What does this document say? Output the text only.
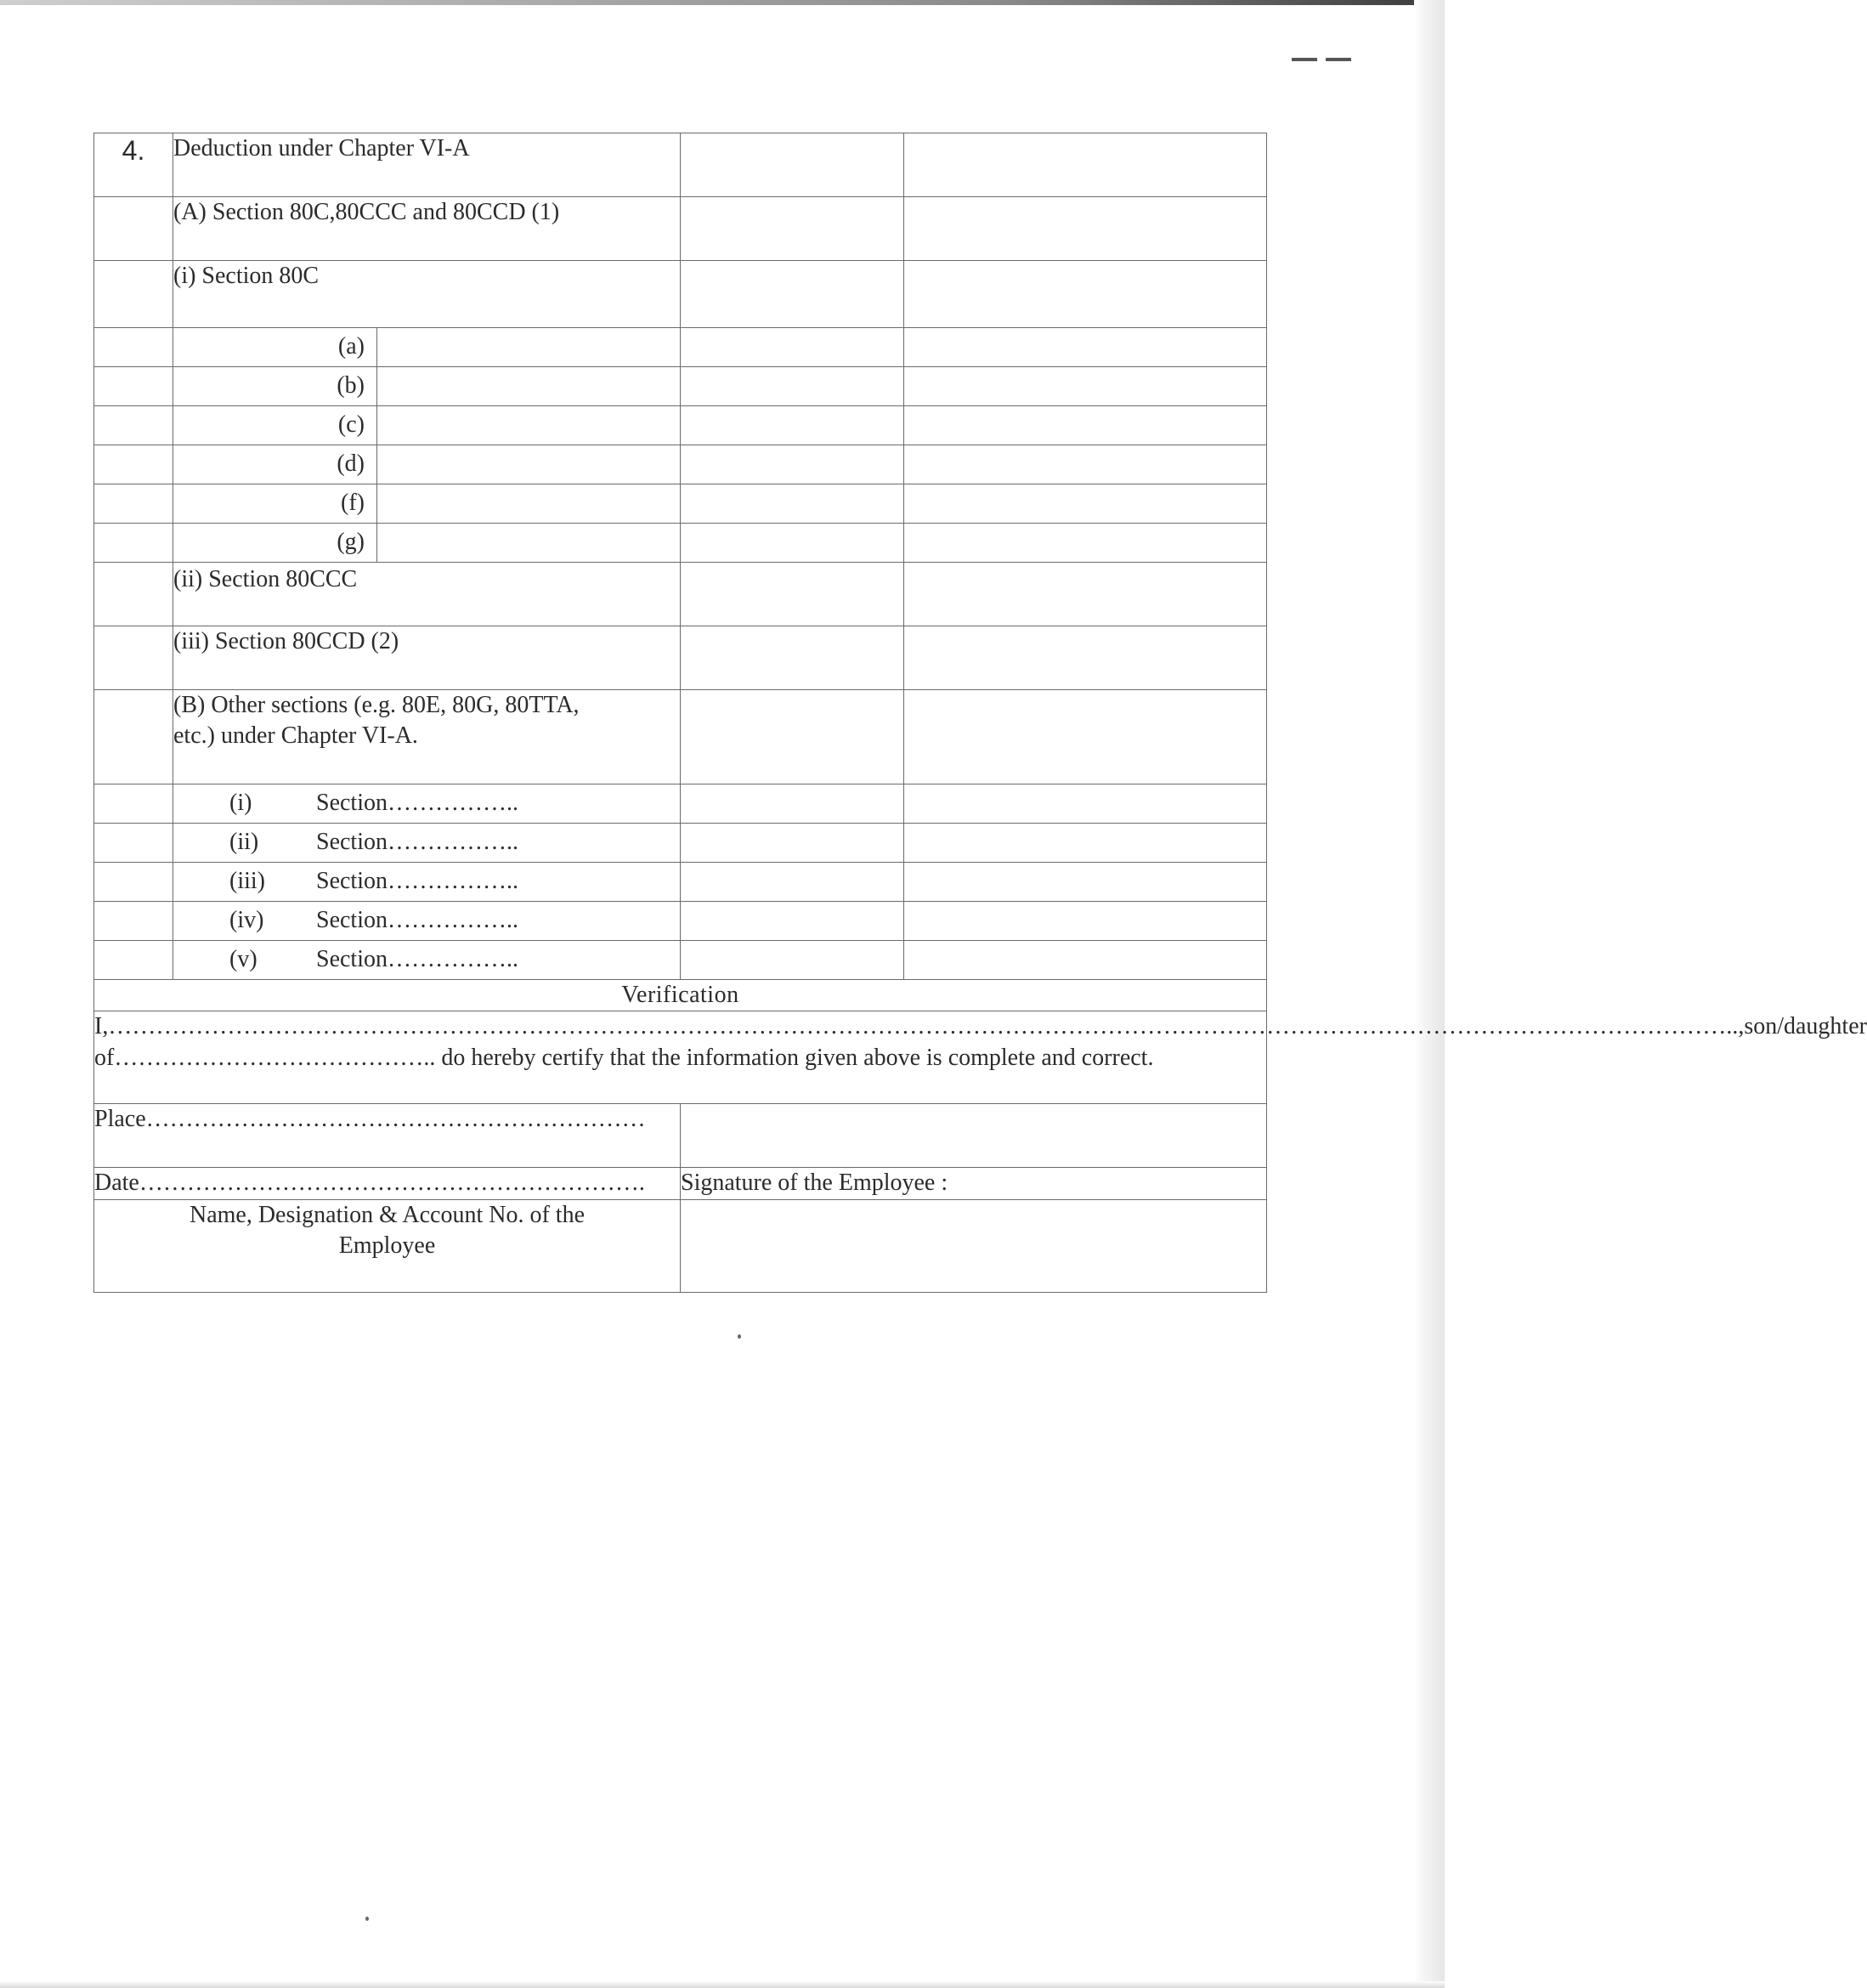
4.	Deduction under Chapter VI-A		
	(A) Section 80C,80CCC and 80CCD (1)		
	(i) Section 80C		

	(a)		

	(b)		

	(c)		

	(d)		

	(f)		

	(g)		

	(ii) Section 80CCC		
	(iii) Section 80CCD (2)		

	(B) Other sections (e.g. 80E, 80G, 80TTA,
etc.) under Chapter VI-A.		

	(i) Section……………..		

	(ii) Section……………..		

	(iii) Section……………..		

	(iv) Section……………..		

	(v) Section……………..		

Verification			

I,…………………………………………………………………………………………………………………………………………………………………………………….. ,son/daughter
of………………………………….. do hereby certify that the information given above is complete and correct.			

Place………………………………………………………			
Date……………………………………………………….		Signature of the Employee :	

Name, Designation & Account No. of the
Employee			
